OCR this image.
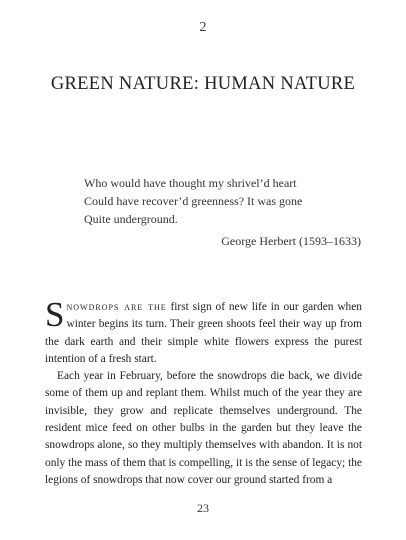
2
GREEN NATURE: HUMAN NATURE
Who would have thought my shrivel’d heart
Could have recover’d greenness? It was gone
Quite underground.
George Herbert (1593–1633)

Snowdrops are the first sign of new life in our garden when winter begins its turn. Their green shoots feel their way up from the dark earth and their simple white flowers express the purest intention of a fresh start.

Each year in February, before the snowdrops die back, we divide some of them up and replant them. Whilst much of the year they are invisible, they grow and replicate themselves underground. The resident mice feed on other bulbs in the garden but they leave the snowdrops alone, so they multiply themselves with abandon. It is not only the mass of them that is compelling, it is the sense of legacy; the legions of snowdrops that now cover our ground started from a

23
